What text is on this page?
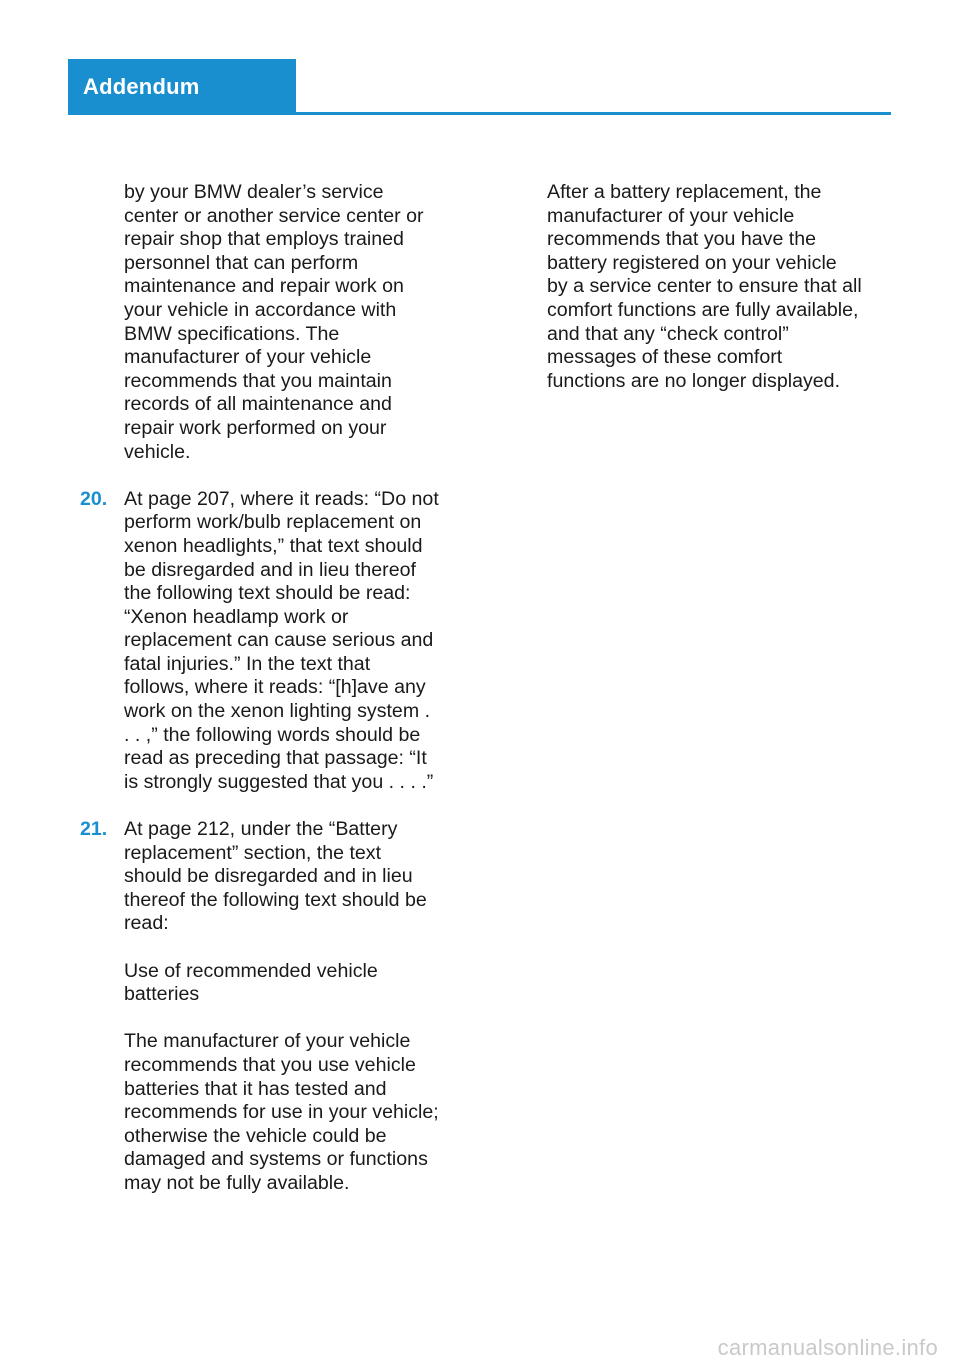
Addendum

by your BMW dealer’s service
center or another service center or
repair shop that employs trained
personnel that can perform
maintenance and repair work on
your vehicle in accordance with
BMW specifications. The
manufacturer of your vehicle
recommends that you maintain
records of all maintenance and
repair work performed on your
vehicle.

20. At page 207, where it reads: “Do not
perform work/bulb replacement on
xenon headlights,” that text should
be disregarded and in lieu thereof
the following text should be read:
“Xenon headlamp work or
replacement can cause serious and
fatal injuries.” In the text that
follows, where it reads: “[h]ave any
work on the xenon lighting system .
. . ,” the following words should be
read as preceding that passage: “It
is strongly suggested that you . . . .”

21. At page 212, under the “Battery
replacement” section, the text
should be disregarded and in lieu
thereof the following text should be
read:

Use of recommended vehicle
batteries

The manufacturer of your vehicle
recommends that you use vehicle
batteries that it has tested and
recommends for use in your vehicle;
otherwise the vehicle could be
damaged and systems or functions
may not be fully available.

After a battery replacement, the
manufacturer of your vehicle
recommends that you have the
battery registered on your vehicle
by a service center to ensure that all
comfort functions are fully available,
and that any “check control”
messages of these comfort
functions are no longer displayed.

carmanualsonline.info
